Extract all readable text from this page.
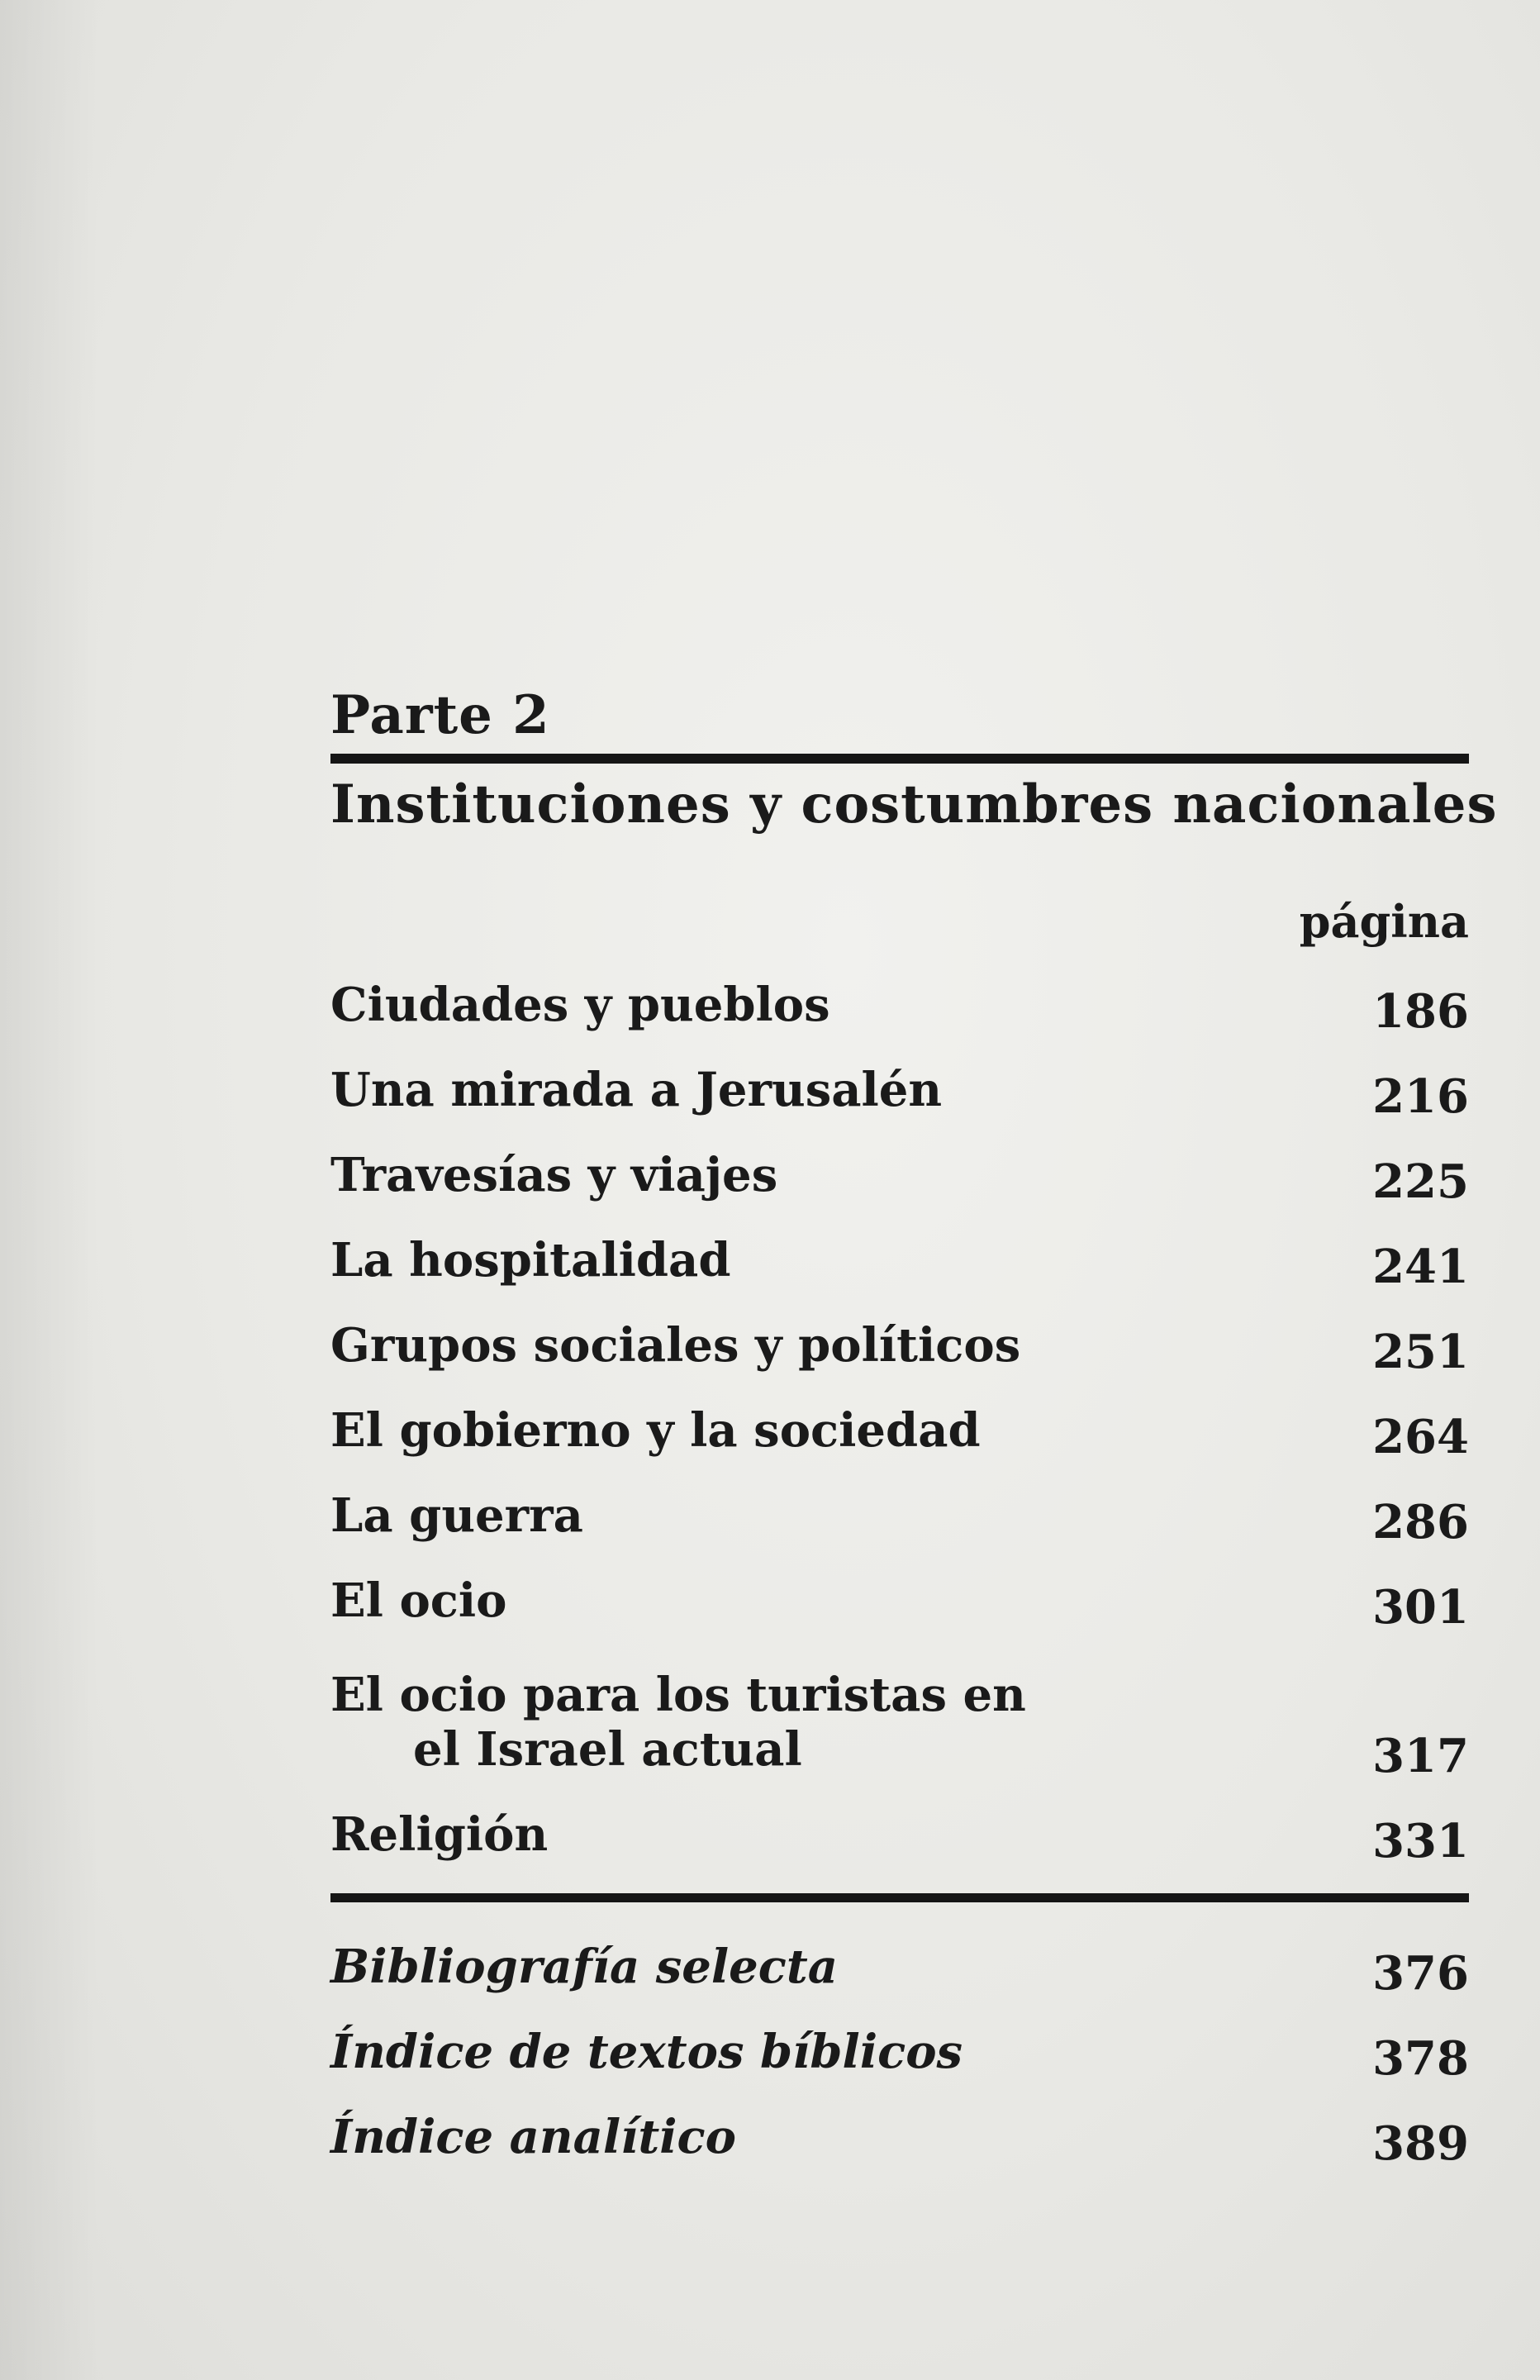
Parte 2
Instituciones y costumbres nacionales
página
Ciudades y pueblos	186
Una mirada a Jerusalén	216
Travesías y viajes	225
La hospitalidad	241
Grupos sociales y políticos	251
El gobierno y la sociedad	264
La guerra	286
El ocio	301
El ocio para los turistas en
el Israel actual	317
Religión	331
Bibliografía selecta	376
Índice de textos bíblicos	378
Índice analítico	389
